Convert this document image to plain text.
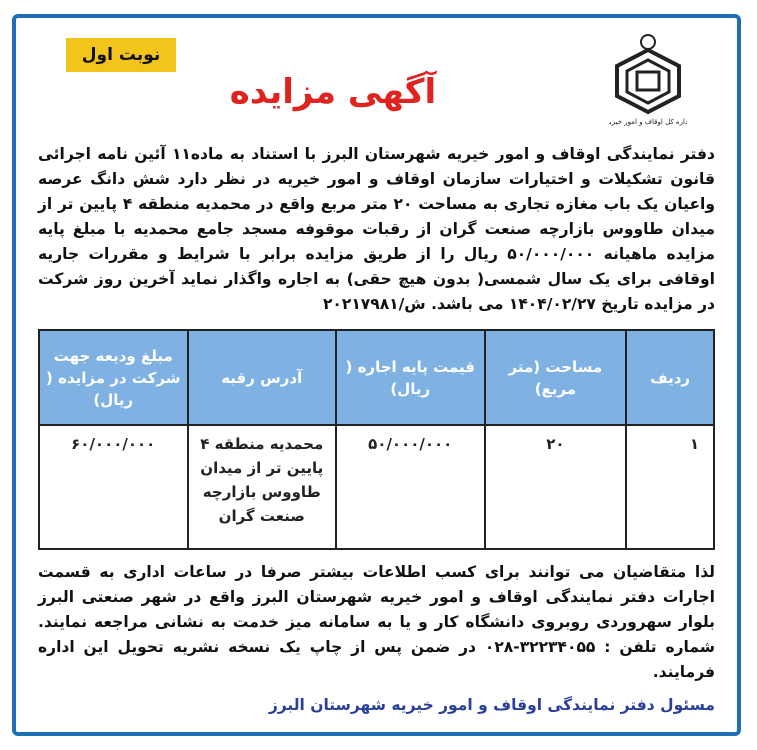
نوبت اول
آگهی مزایده
اداره کل اوقاف و امور خیریه
دفتر نمایندگی اوقاف و امور خیریه شهرستان البرز با استناد به ماده۱۱ آئین نامه اجرائی قانون تشکیلات و اختیارات سازمان اوقاف و امور خیریه در نظر دارد شش دانگ عرصه واعیان یک باب مغازه تجاری به مساحت ۲۰ متر مربع واقع در محمدیه منطقه ۴ پایین تر از میدان طاووس بازارچه صنعت گران از رقبات موقوفه مسجد جامع محمدیه با مبلغ پایه مزایده ماهیانه ۵۰/۰۰۰/۰۰۰ ریال را از طریق مزایده برابر با شرایط و مقررات جاریه اوقافی برای یک سال شمسی( بدون هیچ حقی) به اجاره واگذار نماید آخرین روز شرکت در مزایده تاریخ ۱۴۰۴/۰۲/۲۷ می باشد. ش/۲۰۲۱۷۹۸۱
ردیف	مساحت (متر مربع)	قیمت پایه اجاره ( ریال)	آدرس رقبه	مبلغ ودیعه جهت شرکت در مزایده ( ریال)
۱	۲۰	۵۰/۰۰۰/۰۰۰	محمدیه منطقه ۴ پایین تر از میدان طاووس بازارچه صنعت گران	۶۰/۰۰۰/۰۰۰
لذا متقاضیان می توانند برای کسب اطلاعات بیشتر صرفا در ساعات اداری به قسمت اجارات دفتر نمایندگی اوقاف و امور خیریه شهرستان البرز واقع در شهر صنعتی البرز بلوار سهروردی روبروی دانشگاه کار و یا به سامانه میز خدمت به نشانی مراجعه نمایند. شماره تلفن : ۳۲۲۳۴۰۵۵-۰۲۸ در ضمن پس از چاپ یک نسخه نشریه تحویل این اداره فرمایند.
مسئول دفتر نمایندگی اوقاف و امور خیریه شهرستان البرز
